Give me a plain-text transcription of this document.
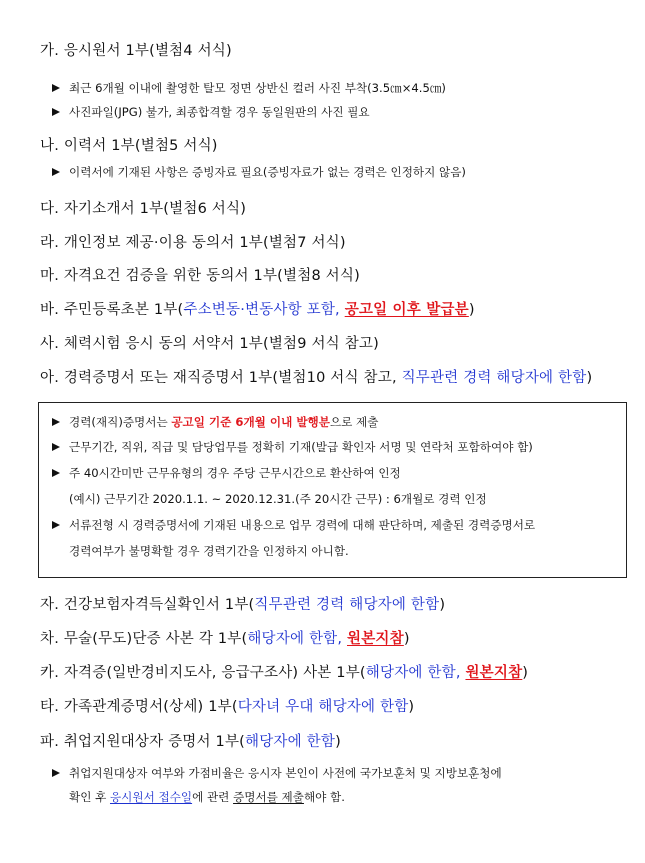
가. 응시원서 1부(별첨4 서식)
최근 6개월 이내에 촬영한 탈모 정면 상반신 컬러 사진 부착(3.5㎝×4.5㎝)
사진파일(JPG) 불가, 최종합격할 경우 동일원판의 사진 필요
나. 이력서 1부(별첨5 서식)
이력서에 기재된 사항은 증빙자료 필요(증빙자료가 없는 경력은 인정하지 않음)
다. 자기소개서 1부(별첨6 서식)
라. 개인정보 제공·이용 동의서 1부(별첨7 서식)
마. 자격요건 검증을 위한 동의서 1부(별첨8 서식)
바. 주민등록초본 1부(주소변동·변동사항 포함, 공고일 이후 발급분)
사. 체력시험 응시 동의 서약서 1부(별첨9 서식 참고)
아. 경력증명서 또는 재직증명서 1부(별첨10 서식 참고, 직무관련 경력 해당자에 한함)
경력(재직)증명서는 공고일 기준 6개월 이내 발행분으로 제출
근무기간, 직위, 직급 및 담당업무를 정확히 기재(발급 확인자 서명 및 연락처 포함하여야 함)
주 40시간미만 근무유형의 경우 주당 근무시간으로 환산하여 인정
(예시) 근무기간 2020.1.1. ~ 2020.12.31.(주 20시간 근무) : 6개월로 경력 인정
서류전형 시 경력증명서에 기재된 내용으로 업무 경력에 대해 판단하며, 제출된 경력증명서로
경력여부가 불명확할 경우 경력기간을 인정하지 아니함.
자. 건강보험자격득실확인서 1부(직무관련 경력 해당자에 한함)
차. 무술(무도)단증 사본 각 1부(해당자에 한함, 원본지참)
카. 자격증(일반경비지도사, 응급구조사) 사본 1부(해당자에 한함, 원본지참)
타. 가족관계증명서(상세) 1부(다자녀 우대 해당자에 한함)
파. 취업지원대상자 증명서 1부(해당자에 한함)
취업지원대상자 여부와 가점비율은 응시자 본인이 사전에 국가보훈처 및 지방보훈청에
확인 후 응시원서 접수일에 관련 증명서를 제출해야 함.
